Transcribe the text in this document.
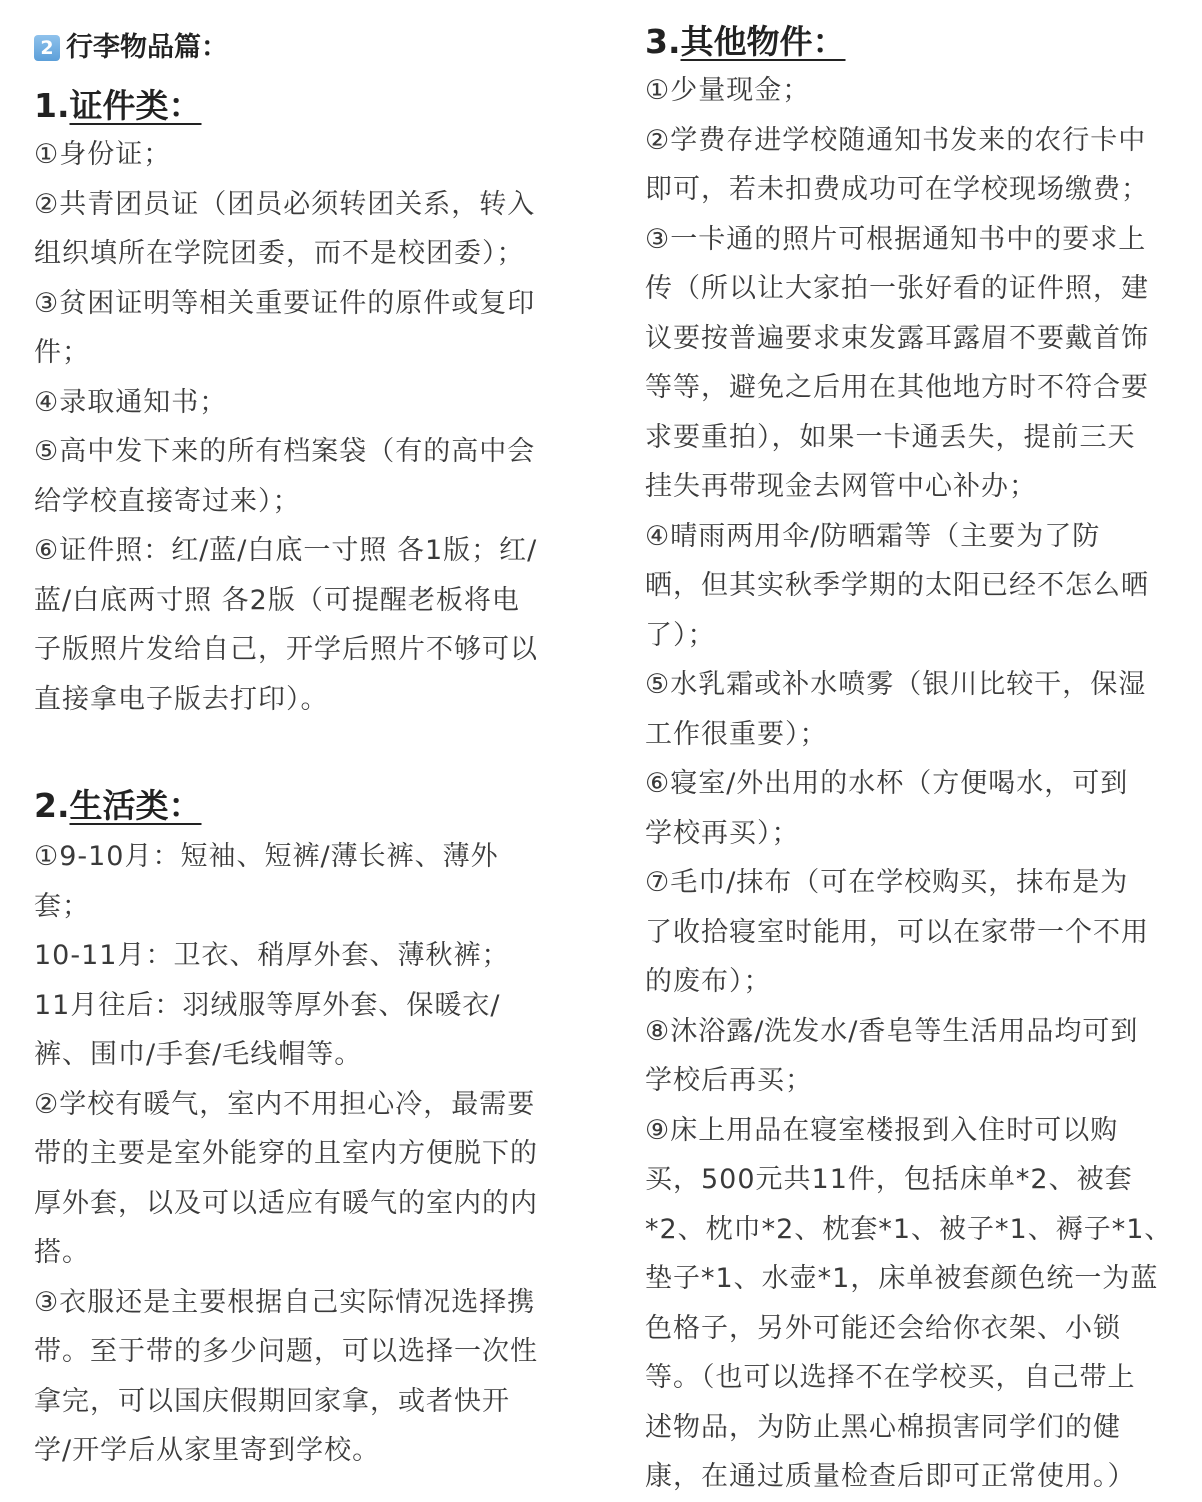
2 行李物品篇：
1.证件类：

①身份证；

②共青团员证（团员必须转团关系，转入
组织填所在学院团委，而不是校团委）；

③贫困证明等相关重要证件的原件或复印
件；

④录取通知书；

⑤高中发下来的所有档案袋（有的高中会
给学校直接寄过来）；

⑥证件照：红/蓝/白底一寸照 各1版；红/
蓝/白底两寸照 各2版（可提醒老板将电
子版照片发给自己，开学后照片不够可以
直接拿电子版去打印）。

2.生活类：

①9-10月：短袖、短裤/薄长裤、薄外
套；

10-11月：卫衣、稍厚外套、薄秋裤；

11月往后：羽绒服等厚外套、保暖衣/
裤、围巾/手套/毛线帽等。

②学校有暖气，室内不用担心冷，最需要
带的主要是室外能穿的且室内方便脱下的
厚外套，以及可以适应有暖气的室内的内
搭。

③衣服还是主要根据自己实际情况选择携
带。至于带的多少问题，可以选择一次性
拿完，可以国庆假期回家拿，或者快开
学/开学后从家里寄到学校。

3.其他物件：

①少量现金；

②学费存进学校随通知书发来的农行卡中
即可，若未扣费成功可在学校现场缴费；

③一卡通的照片可根据通知书中的要求上
传（所以让大家拍一张好看的证件照，建
议要按普遍要求束发露耳露眉不要戴首饰
等等，避免之后用在其他地方时不符合要
求要重拍），如果一卡通丢失，提前三天
挂失再带现金去网管中心补办；

④晴雨两用伞/防晒霜等（主要为了防
晒，但其实秋季学期的太阳已经不怎么晒
了）；

⑤水乳霜或补水喷雾（银川比较干，保湿
工作很重要）；

⑥寝室/外出用的水杯（方便喝水，可到
学校再买）；

⑦毛巾/抹布（可在学校购买，抹布是为
了收拾寝室时能用，可以在家带一个不用
的废布）；

⑧沐浴露/洗发水/香皂等生活用品均可到
学校后再买；

⑨床上用品在寝室楼报到入住时可以购
买，500元共11件，包括床单*2、被套
*2、枕巾*2、枕套*1、被子*1、褥子*1、
垫子*1、水壶*1，床单被套颜色统一为蓝
色格子，另外可能还会给你衣架、小锁
等。（也可以选择不在学校买，自己带上
述物品，为防止黑心棉损害同学们的健
康，在通过质量检查后即可正常使用。）
